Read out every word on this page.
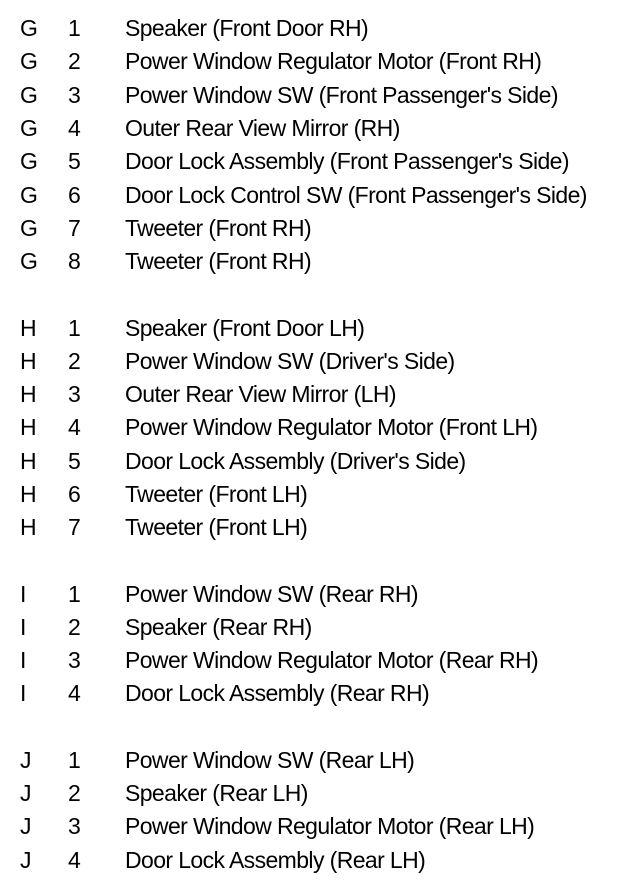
G 1	Speaker (Front Door RH)
G 2	Power Window Regulator Motor (Front RH)
G 3	Power Window SW (Front Passenger's Side)
G 4	Outer Rear View Mirror (RH)
G 5	Door Lock Assembly (Front Passenger's Side)
G 6	Door Lock Control SW (Front Passenger's Side)
G 7	Tweeter (Front RH)
G 8	Tweeter (Front RH)
H 1	Speaker (Front Door LH)
H 2	Power Window SW (Driver's Side)
H 3	Outer Rear View Mirror (LH)
H 4	Power Window Regulator Motor (Front LH)
H 5	Door Lock Assembly (Driver's Side)
H 6	Tweeter (Front LH)
H 7	Tweeter (Front LH)
I	1	Power Window SW (Rear RH)
I	2	Speaker (Rear RH)
I	3	Power Window Regulator Motor (Rear RH)
I	4	Door Lock Assembly (Rear RH)
J	1	Power Window SW (Rear LH)
J	2	Speaker (Rear LH)
J	3	Power Window Regulator Motor (Rear LH)
J	4	Door Lock Assembly (Rear LH)
